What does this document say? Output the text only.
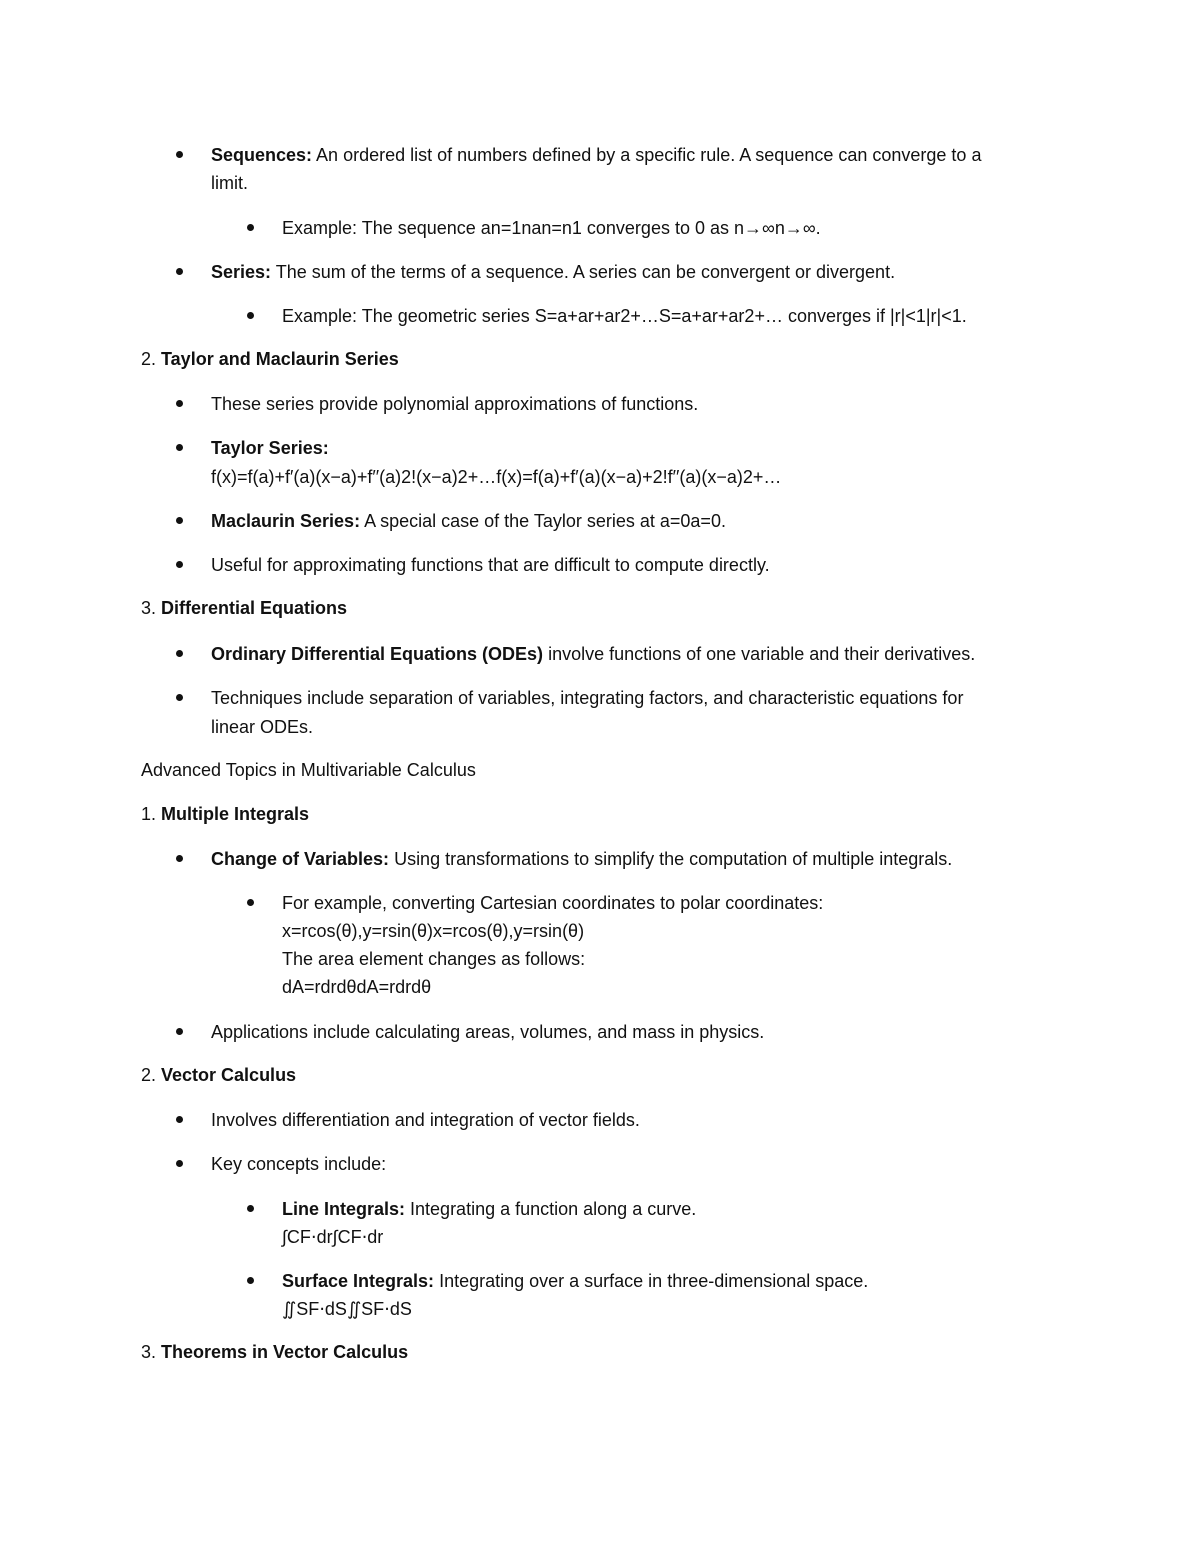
Sequences: An ordered list of numbers defined by a specific rule. A sequence can converge to a
limit.
Example: The sequence an=1nan=n1 converges to 0 as n→∞n→∞.
Series: The sum of the terms of a sequence. A series can be convergent or divergent.
Example: The geometric series S=a+ar+ar2+…S=a+ar+ar2+… converges if |r|<1|r|<1.
2. Taylor and Maclaurin Series
These series provide polynomial approximations of functions.
Taylor Series:
f(x)=f(a)+f′(a)(x−a)+f′′(a)2!(x−a)2+…f(x)=f(a)+f′(a)(x−a)+2!f′′(a)(x−a)2+…
Maclaurin Series: A special case of the Taylor series at a=0a=0.
Useful for approximating functions that are difficult to compute directly.
3. Differential Equations
Ordinary Differential Equations (ODEs) involve functions of one variable and their derivatives.
Techniques include separation of variables, integrating factors, and characteristic equations for
linear ODEs.
Advanced Topics in Multivariable Calculus
1. Multiple Integrals
Change of Variables: Using transformations to simplify the computation of multiple integrals.
For example, converting Cartesian coordinates to polar coordinates:
x=rcos(θ),y=rsin(θ)x=rcos(θ),y=rsin(θ)
The area element changes as follows:
dA=rdrdθdA=rdrdθ
Applications include calculating areas, volumes, and mass in physics.
2. Vector Calculus
Involves differentiation and integration of vector fields.
Key concepts include:
Line Integrals: Integrating a function along a curve.
∫CF⋅dr∫CF⋅dr
Surface Integrals: Integrating over a surface in three-dimensional space.
∬SF⋅dS∬SF⋅dS
3. Theorems in Vector Calculus
